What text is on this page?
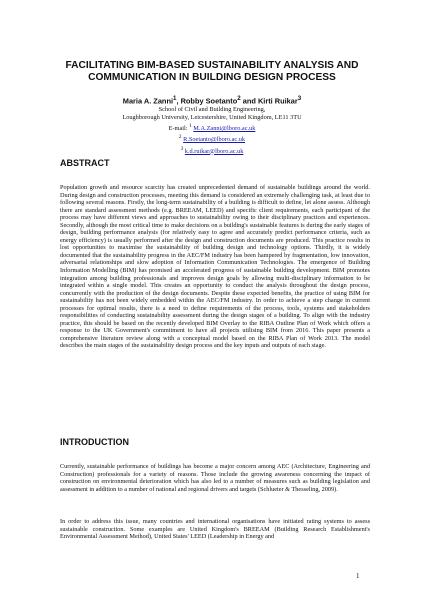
FACILITATING BIM-BASED SUSTAINABILITY ANALYSIS AND
COMMUNICATION IN BUILDING DESIGN PROCESS
Maria A. Zanni$^1$, Robby Soetanto$^2$ and Kirti Ruikar$^3$
School of Civil and Building Engineering,
Loughborough University, Leicestershire, United Kingdom, LE11 3TU
E-mail: $^1$ M.A.Zanni@lboro.ac.uk
$^2$ R.Soetanto@lboro.ac.uk
$^3$ k.d.ruikar@lboro.ac.uk
ABSTRACT

Population growth and resource scarcity has created unprecedented demand of sustainable buildings around the world. During design and construction processes, meeting this demand is considered an extremely challenging task, at least due to following several reasons. Firstly, the long-term sustainability of a building is difficult to define, let alone assess. Although there are standard assessment methods (e.g. BREEAM, LEED) and specific client requirements, each participant of the process may have different views and approaches to sustainability owing to their disciplinary practices and experiences. Secondly, although the most critical time to make decisions on a building's sustainable features is during the early stages of design, building performance analysis (for relatively easy to agree and accurately predict performance criteria, such as energy efficiency) is usually performed after the design and construction documents are produced. This practice results in lost opportunities to maximise the sustainability of building design and technology options. Thirdly, it is widely documented that the sustainability progress in the AEC/FM industry has been hampered by fragmentation, low innovation, adversarial relationships and slow adoption of Information Communication Technologies. The emergence of Building Information Modelling (BIM) has promised an accelerated progress of sustainable building development. BIM promotes integration among building professionals and improves design goals by allowing multi-disciplinary information to be integrated within a single model. This creates an opportunity to conduct the analysis throughout the design process, concurrently with the production of the design documents. Despite these expected benefits, the practice of using BIM for sustainability has not been widely embedded within the AEC/FM industry. In order to achieve a step change in current processes for optimal results, there is a need to define requirements of the process, tools, systems and stakeholders responsibilities of conducting sustainability assessment during the design stages of a building. To align with the industry practice, this should be based on the recently developed BIM Overlay to the RIBA Outline Plan of Work which offers a response to the UK Government's commitment to have all projects utilising BIM from 2016. This paper presents a comprehensive literature review along with a conceptual model based on the RIBA Plan of Work 2013. The model describes the main stages of the sustainability design process and the key inputs and outputs of each stage.

INTRODUCTION

Currently, sustainable performance of buildings has become a major concern among AEC (Architecture, Engineering and Construction) professionals for a variety of reasons. Those include the growing awareness concerning the impact of construction on environmental deterioration which has also led to a number of measures such as building legislation and assessment in addition to a number of national and regional drivers and targets (Schlueter & Thesseling, 2009).

In order to address this issue, many countries and international organisations have initiated rating systems to assess sustainable construction. Some examples are United Kingdom's BREEAM (Building Research Establishment's Environmental Assessment Method), United States' LEED (Leadership in Energy and

1
